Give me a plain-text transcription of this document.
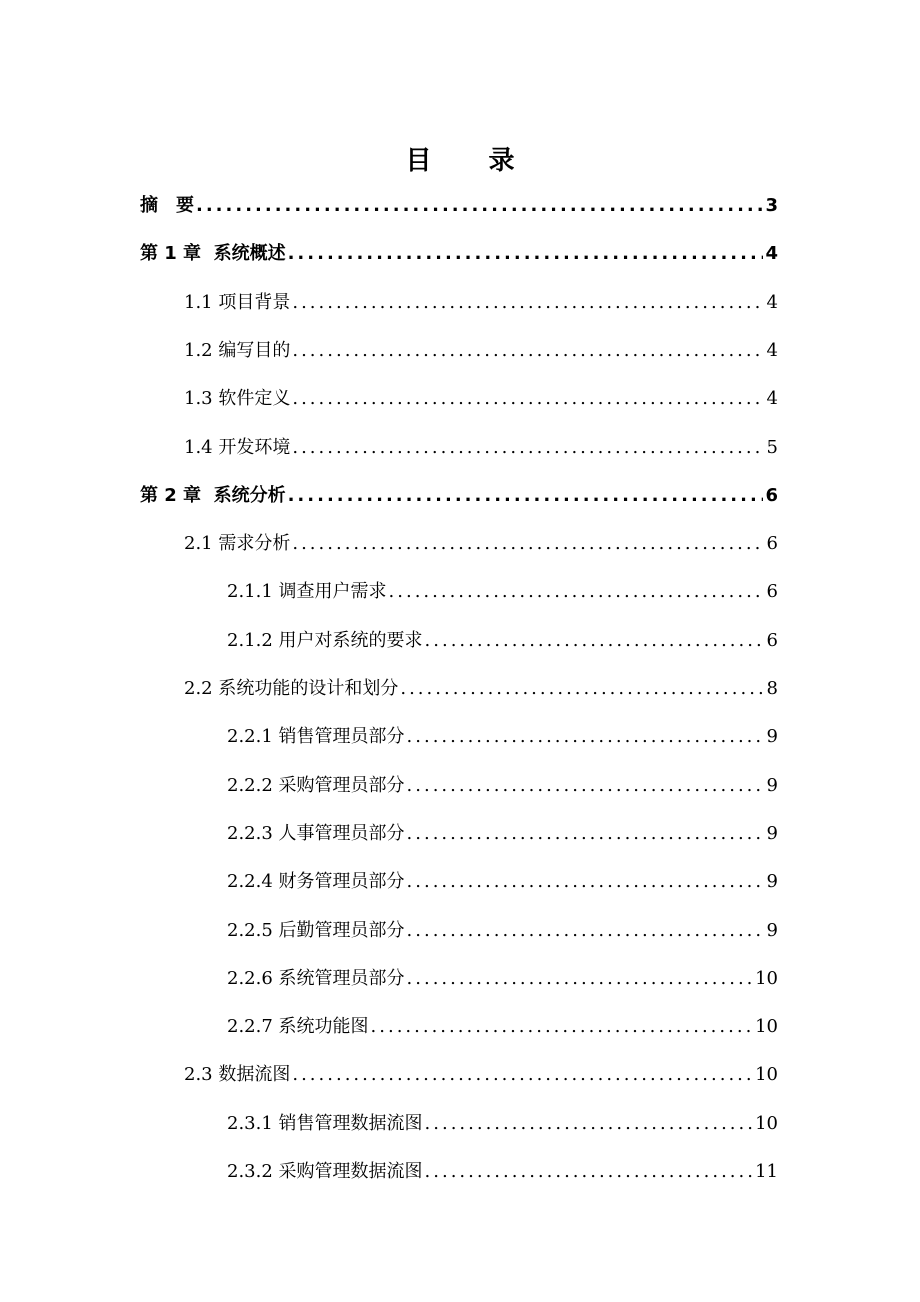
目 录
摘　要 .....	3
第 1 章  系统概述 .....	4
1.1 项目背景 .....	4
1.2 编写目的 .....	4
1.3 软件定义 .....	4
1.4 开发环境 .....	5
第 2 章  系统分析 .....	6
2.1 需求分析 .....	6
2.1.1 调查用户需求 .....	6
2.1.2 用户对系统的要求 .....	6
2.2 系统功能的设计和划分 .....	8
2.2.1 销售管理员部分 .....	9
2.2.2 采购管理员部分 .....	9
2.2.3 人事管理员部分 .....	9
2.2.4 财务管理员部分 .....	9
2.2.5 后勤管理员部分 .....	9
2.2.6 系统管理员部分 .....	10
2.2.7 系统功能图 .....	10
2.3 数据流图 .....	10
2.3.1 销售管理数据流图 .....	10
2.3.2 采购管理数据流图 .....	11
